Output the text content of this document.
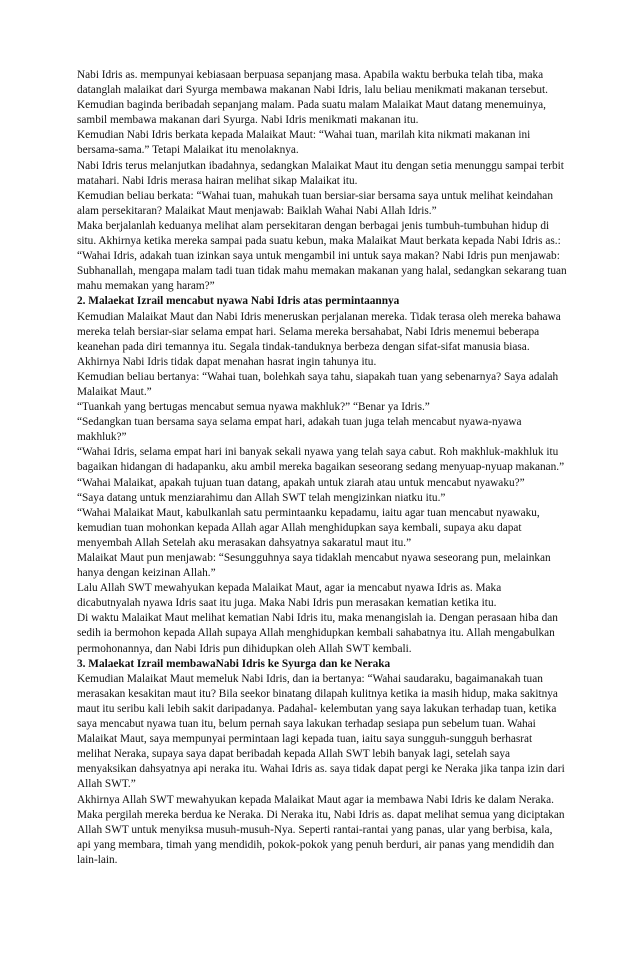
Nabi Idris as. mempunyai kebiasaan berpuasa sepanjang masa. Apabila waktu berbuka telah tiba, maka datanglah malaikat dari Syurga membawa makanan Nabi Idris, lalu beliau menikmati makanan tersebut.

Kemudian baginda beribadah sepanjang malam. Pada suatu malam Malaikat Maut datang menemuinya, sambil membawa makanan dari Syurga. Nabi Idris menikmati makanan itu.

Kemudian Nabi Idris berkata kepada Malaikat Maut: “Wahai tuan, marilah kita nikmati makanan ini bersama-sama.” Tetapi Malaikat itu menolaknya.

Nabi Idris terus melanjutkan ibadahnya, sedangkan Malaikat Maut itu dengan setia menunggu sampai terbit matahari. Nabi Idris merasa hairan melihat sikap Malaikat itu.

Kemudian beliau berkata: “Wahai tuan, mahukah tuan bersiar-siar bersama saya untuk melihat keindahan alam persekitaran? Malaikat Maut menjawab: Baiklah Wahai Nabi Allah Idris.”

Maka berjalanlah keduanya melihat alam persekitaran dengan berbagai jenis tumbuh-tumbuhan hidup di situ. Akhirnya ketika mereka sampai pada suatu kebun, maka Malaikat Maut berkata kepada Nabi Idris as.: “Wahai Idris, adakah tuan izinkan saya untuk mengambil ini untuk saya makan? Nabi Idris pun menjawab: Subhanallah, mengapa malam tadi tuan tidak mahu memakan makanan yang halal, sedangkan sekarang tuan mahu memakan yang haram?”

2. Malaekat Izrail mencabut nyawa Nabi Idris atas permintaannya

Kemudian Malaikat Maut dan Nabi Idris meneruskan perjalanan mereka. Tidak terasa oleh mereka bahawa mereka telah bersiar-siar selama empat hari. Selama mereka bersahabat, Nabi Idris menemui beberapa keanehan pada diri temannya itu. Segala tindak-tanduknya berbeza dengan sifat-sifat manusia biasa. Akhirnya Nabi Idris tidak dapat menahan hasrat ingin tahunya itu.

Kemudian beliau bertanya: “Wahai tuan, bolehkah saya tahu, siapakah tuan yang sebenarnya? Saya adalah Malaikat Maut.”

“Tuankah yang bertugas mencabut semua nyawa makhluk?” “Benar ya Idris.”

“Sedangkan tuan bersama saya selama empat hari, adakah tuan juga telah mencabut nyawa-nyawa makhluk?”

“Wahai Idris, selama empat hari ini banyak sekali nyawa yang telah saya cabut. Roh makhluk-makhluk itu bagaikan hidangan di hadapanku, aku ambil mereka bagaikan seseorang sedang menyuap-nyuap makanan.”

“Wahai Malaikat, apakah tujuan tuan datang, apakah untuk ziarah atau untuk mencabut nyawaku?”

“Saya datang untuk menziarahimu dan Allah SWT telah mengizinkan niatku itu.”

“Wahai Malaikat Maut, kabulkanlah satu permintaanku kepadamu, iaitu agar tuan mencabut nyawaku, kemudian tuan mohonkan kepada Allah agar Allah menghidupkan saya kembali, supaya aku dapat menyembah Allah Setelah aku merasakan dahsyatnya sakaratul maut itu.”

Malaikat Maut pun menjawab: “Sesungguhnya saya tidaklah mencabut nyawa seseorang pun, melainkan hanya dengan keizinan Allah.”

Lalu Allah SWT mewahyukan kepada Malaikat Maut, agar ia mencabut nyawa Idris as. Maka dicabutnyalah nyawa Idris saat itu juga. Maka Nabi Idris pun merasakan kematian ketika itu.

Di waktu Malaikat Maut melihat kematian Nabi Idris itu, maka menangislah ia. Dengan perasaan hiba dan sedih ia bermohon kepada Allah supaya Allah menghidupkan kembali sahabatnya itu. Allah mengabulkan permohonannya, dan Nabi Idris pun dihidupkan oleh Allah SWT kembali.

3. Malaekat Izrail membawaNabi Idris ke Syurga dan ke Neraka

Kemudian Malaikat Maut memeluk Nabi Idris, dan ia bertanya: “Wahai saudaraku, bagaimanakah tuan merasakan kesakitan maut itu? Bila seekor binatang dilapah kulitnya ketika ia masih hidup, maka sakitnya maut itu seribu kali lebih sakit daripadanya. Padahal- kelembutan yang saya lakukan terhadap tuan, ketika saya mencabut nyawa tuan itu, belum pernah saya lakukan terhadap sesiapa pun sebelum tuan. Wahai Malaikat Maut, saya mempunyai permintaan lagi kepada tuan, iaitu saya sungguh-sungguh berhasrat melihat Neraka, supaya saya dapat beribadah kepada Allah SWT lebih banyak lagi, setelah saya menyaksikan dahsyatnya api neraka itu. Wahai Idris as. saya tidak dapat pergi ke Neraka jika tanpa izin dari Allah SWT.”

Akhirnya Allah SWT mewahyukan kepada Malaikat Maut agar ia membawa Nabi Idris ke dalam Neraka. Maka pergilah mereka berdua ke Neraka. Di Neraka itu, Nabi Idris as. dapat melihat semua yang diciptakan Allah SWT untuk menyiksa musuh-musuh-Nya. Seperti rantai-rantai yang panas, ular yang berbisa, kala, api yang membara, timah yang mendidih, pokok-pokok yang penuh berduri, air panas yang mendidih dan lain-lain.
